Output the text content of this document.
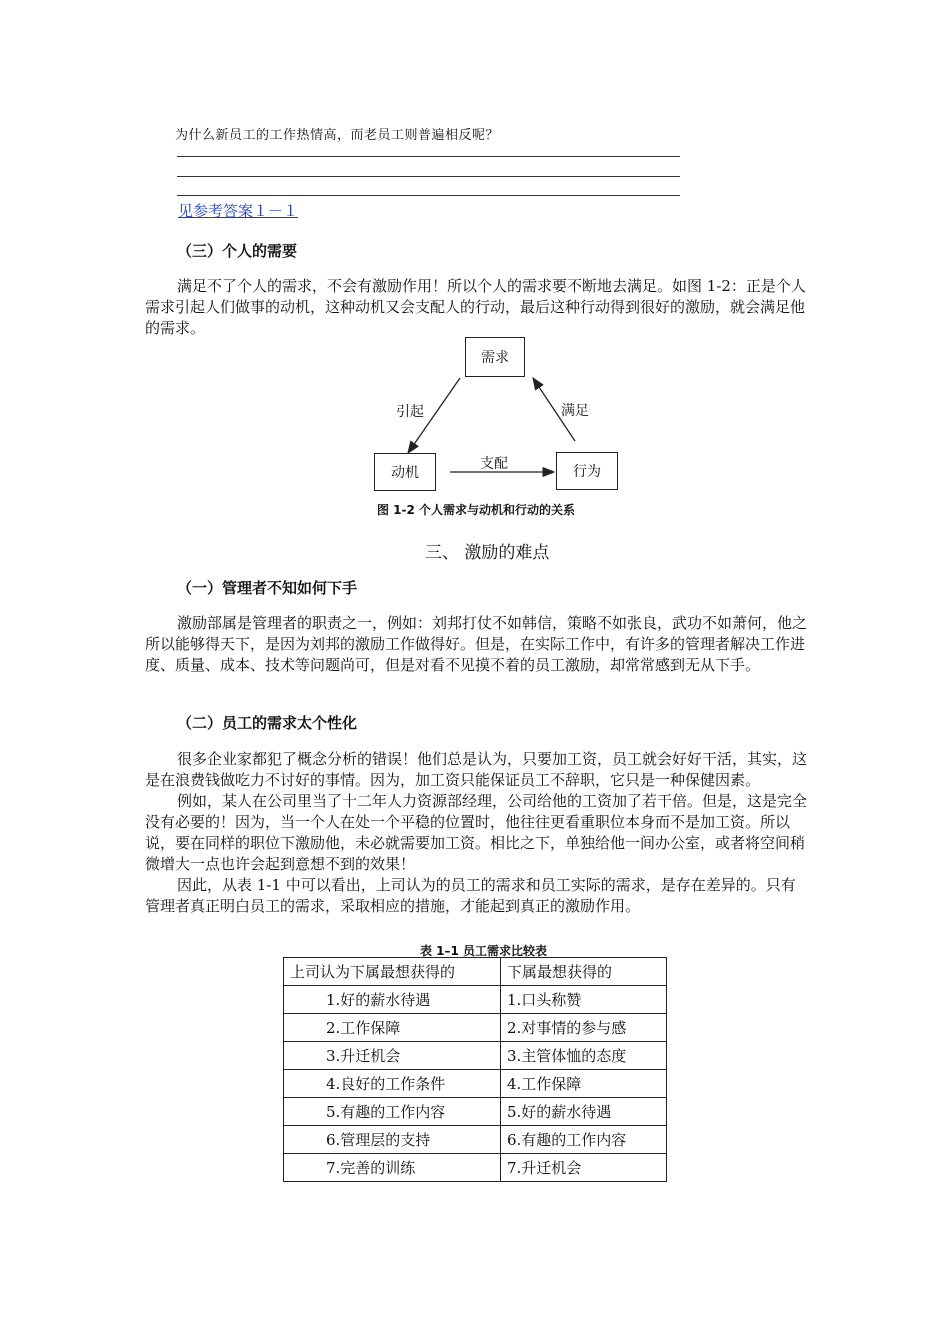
为什么新员工的工作热情高，而老员工则普遍相反呢？
见参考答案１－１
（三）个人的需要

满足不了个人的需求，不会有激励作用！所以个人的需求要不断地去满足。如图 1-2：正是个人需求引起人们做事的动机，这种动机又会支配人的行动，最后这种行动得到很好的激励，就会满足他的需求。

需求
动机	行为
引起	满足
支配
图 1-2 个人需求与动机和行动的关系
三、 激励的难点
（一）管理者不知如何下手

激励部属是管理者的职责之一，例如：刘邦打仗不如韩信，策略不如张良，武功不如萧何，他之所以能够得天下，是因为刘邦的激励工作做得好。但是，在实际工作中，有许多的管理者解决工作进度、质量、成本、技术等问题尚可，但是对看不见摸不着的员工激励，却常常感到无从下手。

（二）员工的需求太个性化

很多企业家都犯了概念分析的错误！他们总是认为，只要加工资，员工就会好好干活，其实，这是在浪费钱做吃力不讨好的事情。因为，加工资只能保证员工不辞职，它只是一种保健因素。

例如，某人在公司里当了十二年人力资源部经理，公司给他的工资加了若干倍。但是，这是完全没有必要的！因为，当一个人在处一个平稳的位置时，他往往更看重职位本身而不是加工资。所以说，要在同样的职位下激励他，未必就需要加工资。相比之下，单独给他一间办公室，或者将空间稍微增大一点也许会起到意想不到的效果！

因此，从表 1-1 中可以看出，上司认为的员工的需求和员工实际的需求，是存在差异的。只有管理者真正明白员工的需求，采取相应的措施，才能起到真正的激励作用。

表 1–1 员工需求比较表
上司认为下属最想获得的	下属最想获得的
1.好的薪水待遇	1.口头称赞
2.工作保障	2.对事情的参与感
3.升迁机会	3.主管体恤的态度
4.良好的工作条件	4.工作保障
5.有趣的工作内容	5.好的薪水待遇
6.管理层的支持	6.有趣的工作内容
7.完善的训练	7.升迁机会
